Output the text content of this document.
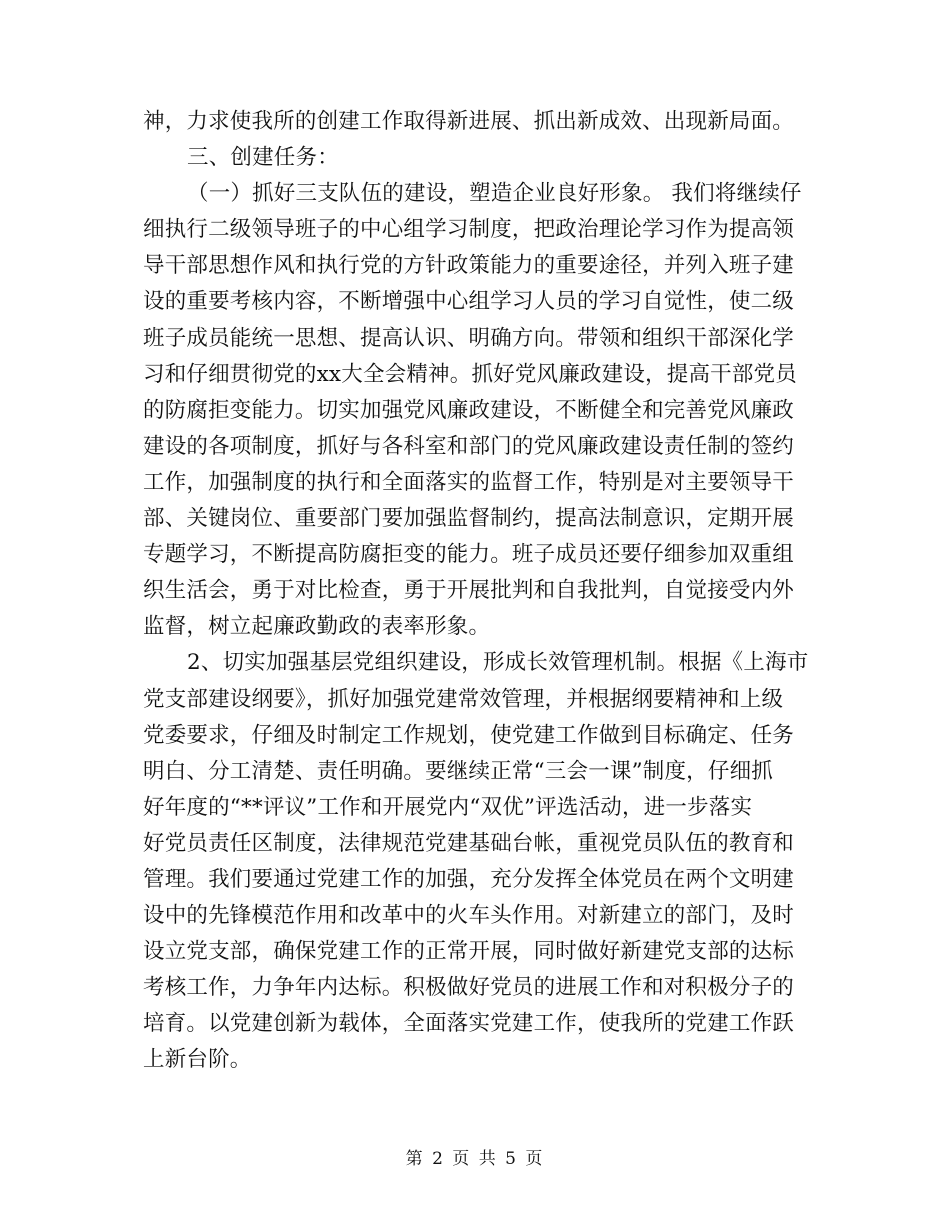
神，力求使我所的创建工作取得新进展、抓出新成效、出现新局面。
三、创建任务：
（一）抓好三支队伍的建设，塑造企业良好形象。 我们将继续仔
细执行二级领导班子的中心组学习制度，把政治理论学习作为提高领
导干部思想作风和执行党的方针政策能力的重要途径，并列入班子建
设的重要考核内容，不断增强中心组学习人员的学习自觉性，使二级
班子成员能统一思想、提高认识、明确方向。带领和组织干部深化学
习和仔细贯彻党的xx大全会精神。抓好党风廉政建设，提高干部党员
的防腐拒变能力。切实加强党风廉政建设，不断健全和完善党风廉政
建设的各项制度，抓好与各科室和部门的党风廉政建设责任制的签约
工作，加强制度的执行和全面落实的监督工作，特别是对主要领导干
部、关键岗位、重要部门要加强监督制约，提高法制意识，定期开展
专题学习，不断提高防腐拒变的能力。班子成员还要仔细参加双重组
织生活会，勇于对比检查，勇于开展批判和自我批判，自觉接受内外
监督，树立起廉政勤政的表率形象。
2、切实加强基层党组织建设，形成长效管理机制。根据《上海市
党支部建设纲要》，抓好加强党建常效管理，并根据纲要精神和上级
党委要求，仔细及时制定工作规划，使党建工作做到目标确定、任务
明白、分工清楚、责任明确。要继续正常“三会一课”制度，仔细抓
好年度的“**评议”工作和开展党内“双优”评选活动，进一步落实
好党员责任区制度，法律规范党建基础台帐，重视党员队伍的教育和
管理。我们要通过党建工作的加强，充分发挥全体党员在两个文明建
设中的先锋模范作用和改革中的火车头作用。对新建立的部门，及时
设立党支部，确保党建工作的正常开展，同时做好新建党支部的达标
考核工作，力争年内达标。积极做好党员的进展工作和对积极分子的
培育。以党建创新为载体，全面落实党建工作，使我所的党建工作跃
上新台阶。
第 2 页 共 5 页
